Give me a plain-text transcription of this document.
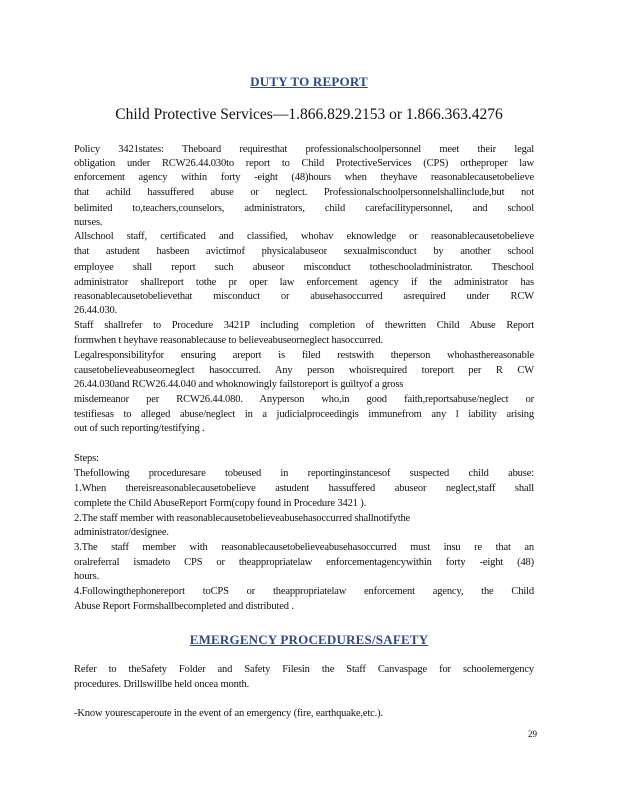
DUTY TO REPORT
Child Protective Services—1.866.829.2153 or 1.866.363.4276
Policy 3421states: Theboard requiresthat professionalschoolpersonnel meet their legal
obligation under RCW26.44.030to report to Child ProtectiveServices (CPS) ortheproper law
enforcement agency within forty -eight (48)hours when theyhave reasonablecausetobelieve
that achild hassuffered abuse or neglect. Professionalschoolpersonnelshallinclude,but not
belimited to,teachers,counselors, administrators, child carefacilitypersonnel, and school
nurses.
Allschool staff, certificated and classified, whohav eknowledge or reasonablecausetobelieve
that astudent hasbeen avictimof physicalabuseor sexualmisconduct by another school
employee shall report such abuseor misconduct totheschooladministrator. Theschool
administrator shallreport tothe pr oper law enforcement agency if the administrator has
reasonablecausetobelievethat misconduct or abusehasoccurred asrequired under RCW
26.44.030.
Staff shallrefer to Procedure 3421P including completion of thewritten Child Abuse Report
formwhen t heyhave reasonablecause to believeabuseorneglect hasoccurred.
Legalresponsibilityfor ensuring areport is filed restswith theperson whohasthereasonable
causetobelieveabuseorneglect hasoccurred. Any person whoisrequired toreport per R CW
26.44.030and RCW26.44.040 and whoknowingly failstoreport is guiltyof a gross
misdemeanor per RCW26.44.080. Anyperson who,in good faith,reportsabuse/neglect or
testifiesas to alleged abuse/neglect in a judicialproceedingis immunefrom any l iability arising
out of such reporting/testifying .
Steps:
Thefollowing proceduresare tobeused in reportinginstancesof suspected child abuse:
1.When thereisreasonablecausetobelieve astudent hassuffered abuseor neglect,staff shall
complete the Child AbuseReport Form(copy found in Procedure 3421 ).
2.The staff member with reasonablecausetobelieveabusehasoccurred shallnotifythe
administrator/designee.
3.The staff member with reasonablecausetobelieveabusehasoccurred must insu re that an
oralreferral ismadeto CPS or theappropriatelaw enforcementagencywithin forty -eight (48)
hours.
4.Followingthephonereport toCPS or theappropriatelaw enforcement agency, the Child
Abuse Report Formshallbecompleted and distributed .
EMERGENCY PROCEDURES/SAFETY
Refer to theSafety Folder and Safety Filesin the Staff Canvaspage for schoolemergency
procedures. Drillswillbe held oncea month.
-Know yourescaperoute in the event of an emergency (fire, earthquake,etc.).
29
